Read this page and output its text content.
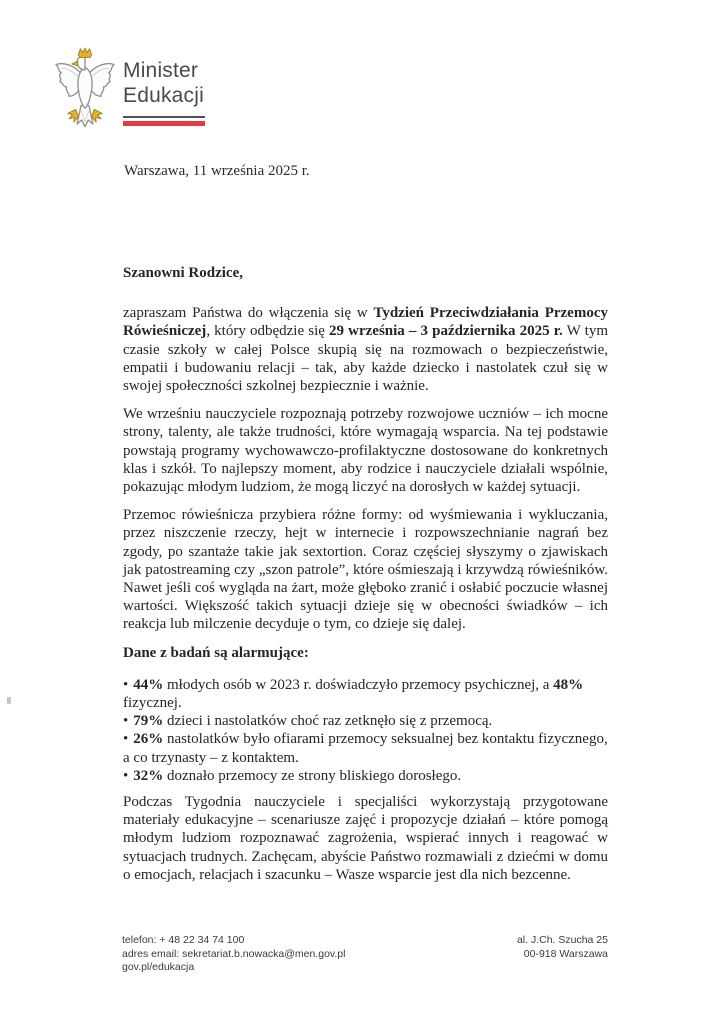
Minister
Edukacji
Warszawa, 11 września 2025 r.

Szanowni Rodzice,

zapraszam Państwa do włączenia się w Tydzień Przeciwdziałania Przemocy Rówieśniczej, który odbędzie się 29 września – 3 października 2025 r. W tym czasie szkoły w całej Polsce skupią się na rozmowach o bezpieczeństwie, empatii i budowaniu relacji – tak, aby każde dziecko i nastolatek czuł się w swojej społeczności szkolnej bezpiecznie i ważnie.

We wrześniu nauczyciele rozpoznają potrzeby rozwojowe uczniów – ich mocne strony, talenty, ale także trudności, które wymagają wsparcia. Na tej podstawie powstają programy wychowawczo-profilaktyczne dostosowane do konkretnych klas i szkół. To najlepszy moment, aby rodzice i nauczyciele działali wspólnie, pokazując młodym ludziom, że mogą liczyć na dorosłych w każdej sytuacji.

Przemoc rówieśnicza przybiera różne formy: od wyśmiewania i wykluczania, przez niszczenie rzeczy, hejt w internecie i rozpowszechnianie nagrań bez zgody, po szantaże takie jak sextortion. Coraz częściej słyszymy o zjawiskach jak patostreaming czy „szon patrole”, które ośmieszają i krzywdzą rówieśników. Nawet jeśli coś wygląda na żart, może głęboko zranić i osłabić poczucie własnej wartości. Większość takich sytuacji dzieje się w obecności świadków – ich reakcja lub milczenie decyduje o tym, co dzieje się dalej.

Dane z badań są alarmujące:

• 44% młodych osób w 2023 r. doświadczyło przemocy psychicznej, a 48% fizycznej.

• 79% dzieci i nastolatków choć raz zetknęło się z przemocą.

• 26% nastolatków było ofiarami przemocy seksualnej bez kontaktu fizycznego, a co trzynasty – z kontaktem.

• 32% doznało przemocy ze strony bliskiego dorosłego.

Podczas Tygodnia nauczyciele i specjaliści wykorzystają przygotowane materiały edukacyjne – scenariusze zajęć i propozycje działań – które pomogą młodym ludziom rozpoznawać zagrożenia, wspierać innych i reagować w sytuacjach trudnych. Zachęcam, abyście Państwo rozmawiali z dziećmi w domu o emocjach, relacjach i szacunku – Wasze wsparcie jest dla nich bezcenne.

telefon: + 48 22 34 74 100
adres email: sekretariat.b.nowacka@men.gov.pl
gov.pl/edukacja
al. J.Ch. Szucha 25
00-918 Warszawa
